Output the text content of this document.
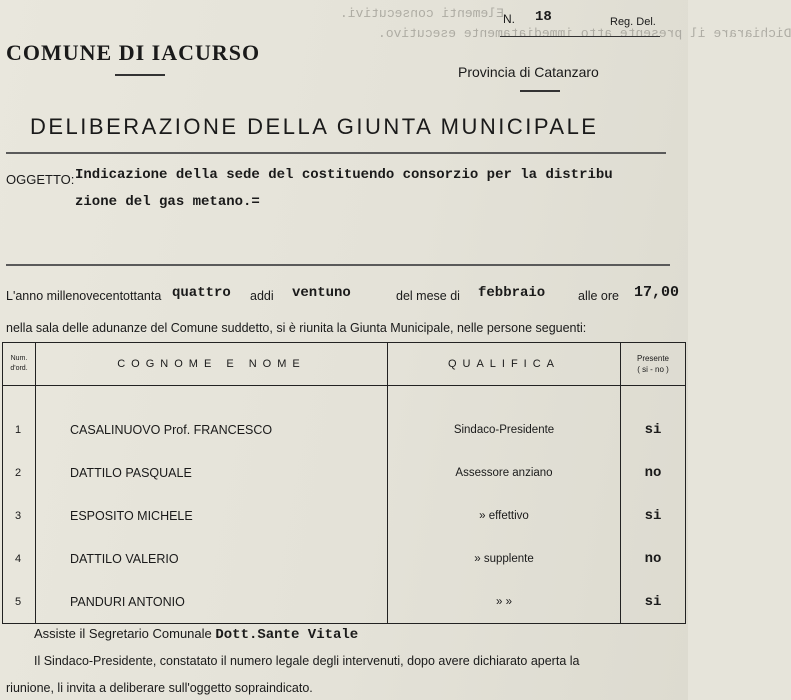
Elementi consecutivi.
Dichiarare il presente atto immediatamente esecutivo.
N. 18	Reg. Del.
COMUNE DI IACURSO
Provincia di Catanzaro
DELIBERAZIONE DELLA GIUNTA MUNICIPALE
OGGETTO: Indicazione della sede del costituendo consorzio per la distribu
zione del gas metano.=
L'anno millenovecentottanta quattro addi ventuno	del mese di febbraio	alle ore 17,00
nella sala delle adunanze del Comune suddetto, si è riunita la Giunta Municipale, nelle persone seguenti:
Num.
d'ord.	COGNOME E NOME	QUALIFICA	Presente
( si - no )

1	CASALINUOVO Prof. FRANCESCO	Sindaco-Presidente	si
2	DATTILO PASQUALE	Assessore anziano	no
3	ESPOSITO MICHELE	» effettivo	si
4	DATTILO VALERIO	» supplente	no
5	PANDURI ANTONIO	» »	si
Assiste il Segretario Comunale Dott.Sante Vitale
Il Sindaco-Presidente, constatato il numero legale degli intervenuti, dopo avere dichiarato aperta la
riunione, li invita a deliberare sull'oggetto sopraindicato.
